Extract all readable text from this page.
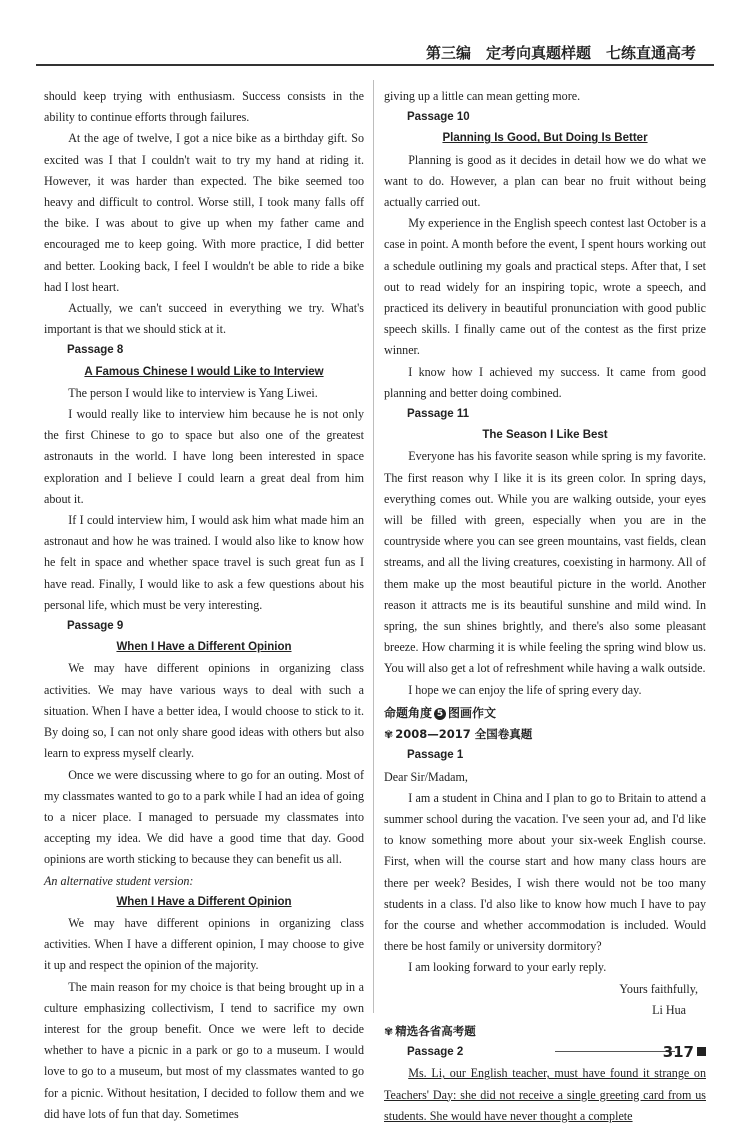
第三编　定考向真题样题　七练直通高考

should keep trying with enthusiasm. Success consists in the ability to continue efforts through failures.

At the age of twelve, I got a nice bike as a birthday gift. So excited was I that I couldn't wait to try my hand at riding it. However, it was harder than expected. The bike seemed too heavy and difficult to control. Worse still, I took many falls off the bike. I was about to give up when my father came and encouraged me to keep going. With more practice, I did better and better. Looking back, I feel I wouldn't be able to ride a bike had I lost heart.

Actually, we can't succeed in everything we try. What's important is that we should stick at it.

Passage 8
A Famous Chinese I would Like to Interview

The person I would like to interview is Yang Liwei.

I would really like to interview him because he is not only the first Chinese to go to space but also one of the greatest astronauts in the world. I have long been interested in space exploration and I believe I could learn a great deal from him about it.

If I could interview him, I would ask him what made him an astronaut and how he was trained. I would also like to know how he felt in space and whether space travel is such great fun as I have read. Finally, I would like to ask a few questions about his personal life, which must be very interesting.

Passage 9
When I Have a Different Opinion

We may have different opinions in organizing class activities. We may have various ways to deal with such a situation. When I have a better idea, I would choose to stick to it. By doing so, I can not only share good ideas with others but also learn to express myself clearly.

Once we were discussing where to go for an outing. Most of my classmates wanted to go to a park while I had an idea of going to a nicer place. I managed to persuade my classmates into accepting my idea. We did have a good time that day. Good opinions are worth sticking to because they can benefit us all.

An alternative student version:
When I Have a Different Opinion

We may have different opinions in organizing class activities. When I have a different opinion, I may choose to give it up and respect the opinion of the majority.

The main reason for my choice is that being brought up in a culture emphasizing collectivism, I tend to sacrifice my own interest for the group benefit. Once we were left to decide whether to have a picnic in a park or go to a museum. I would love to go to a museum, but most of my classmates wanted to go for a picnic. Without hesitation, I decided to follow them and we did have lots of fun that day. Sometimes

giving up a little can mean getting more.

Passage 10
Planning Is Good, But Doing Is Better

Planning is good as it decides in detail how we do what we want to do. However, a plan can bear no fruit without being actually carried out.

My experience in the English speech contest last October is a case in point. A month before the event, I spent hours working out a schedule outlining my goals and practical steps. After that, I set out to read widely for an inspiring topic, wrote a speech, and practiced its delivery in beautiful pronunciation with good public speech skills. I finally came out of the contest as the first prize winner.

I know how I achieved my success. It came from good planning and better doing combined.

Passage 11
The Season I Like Best

Everyone has his favorite season while spring is my favorite. The first reason why I like it is its green color. In spring days, everything comes out. While you are walking outside, your eyes will be filled with green, especially when you are in the countryside where you can see green mountains, vast fields, clean streams, and all the living creatures, coexisting in harmony. All of them make up the most beautiful picture in the world. Another reason it attracts me is its beautiful sunshine and mild wind. In spring, the sun shines brightly, and there's also some pleasant breeze. How charming it is while feeling the spring wind blow us. You will also get a lot of refreshment while having a walk outside.

I hope we can enjoy the life of spring every day.

命题角度 5 图画作文
✾ 2008—2017 全国卷真题
Passage 1

Dear Sir/Madam,

I am a student in China and I plan to go to Britain to attend a summer school during the vacation. I've seen your ad, and I'd like to know something more about your six-week English course. First, when will the course start and how many class hours are there per week? Besides, I wish there would not be too many students in a class. I'd also like to know how much I have to pay for the course and whether accommodation is included. Would there be host family or university dormitory?

I am looking forward to your early reply.

Yours faithfully,
Li Hua
✾ 精选各省高考题
Passage 2

Ms. Li, our English teacher, must have found it strange on Teachers' Day: she did not receive a single greeting card from us students. She would have never thought a complete

317
